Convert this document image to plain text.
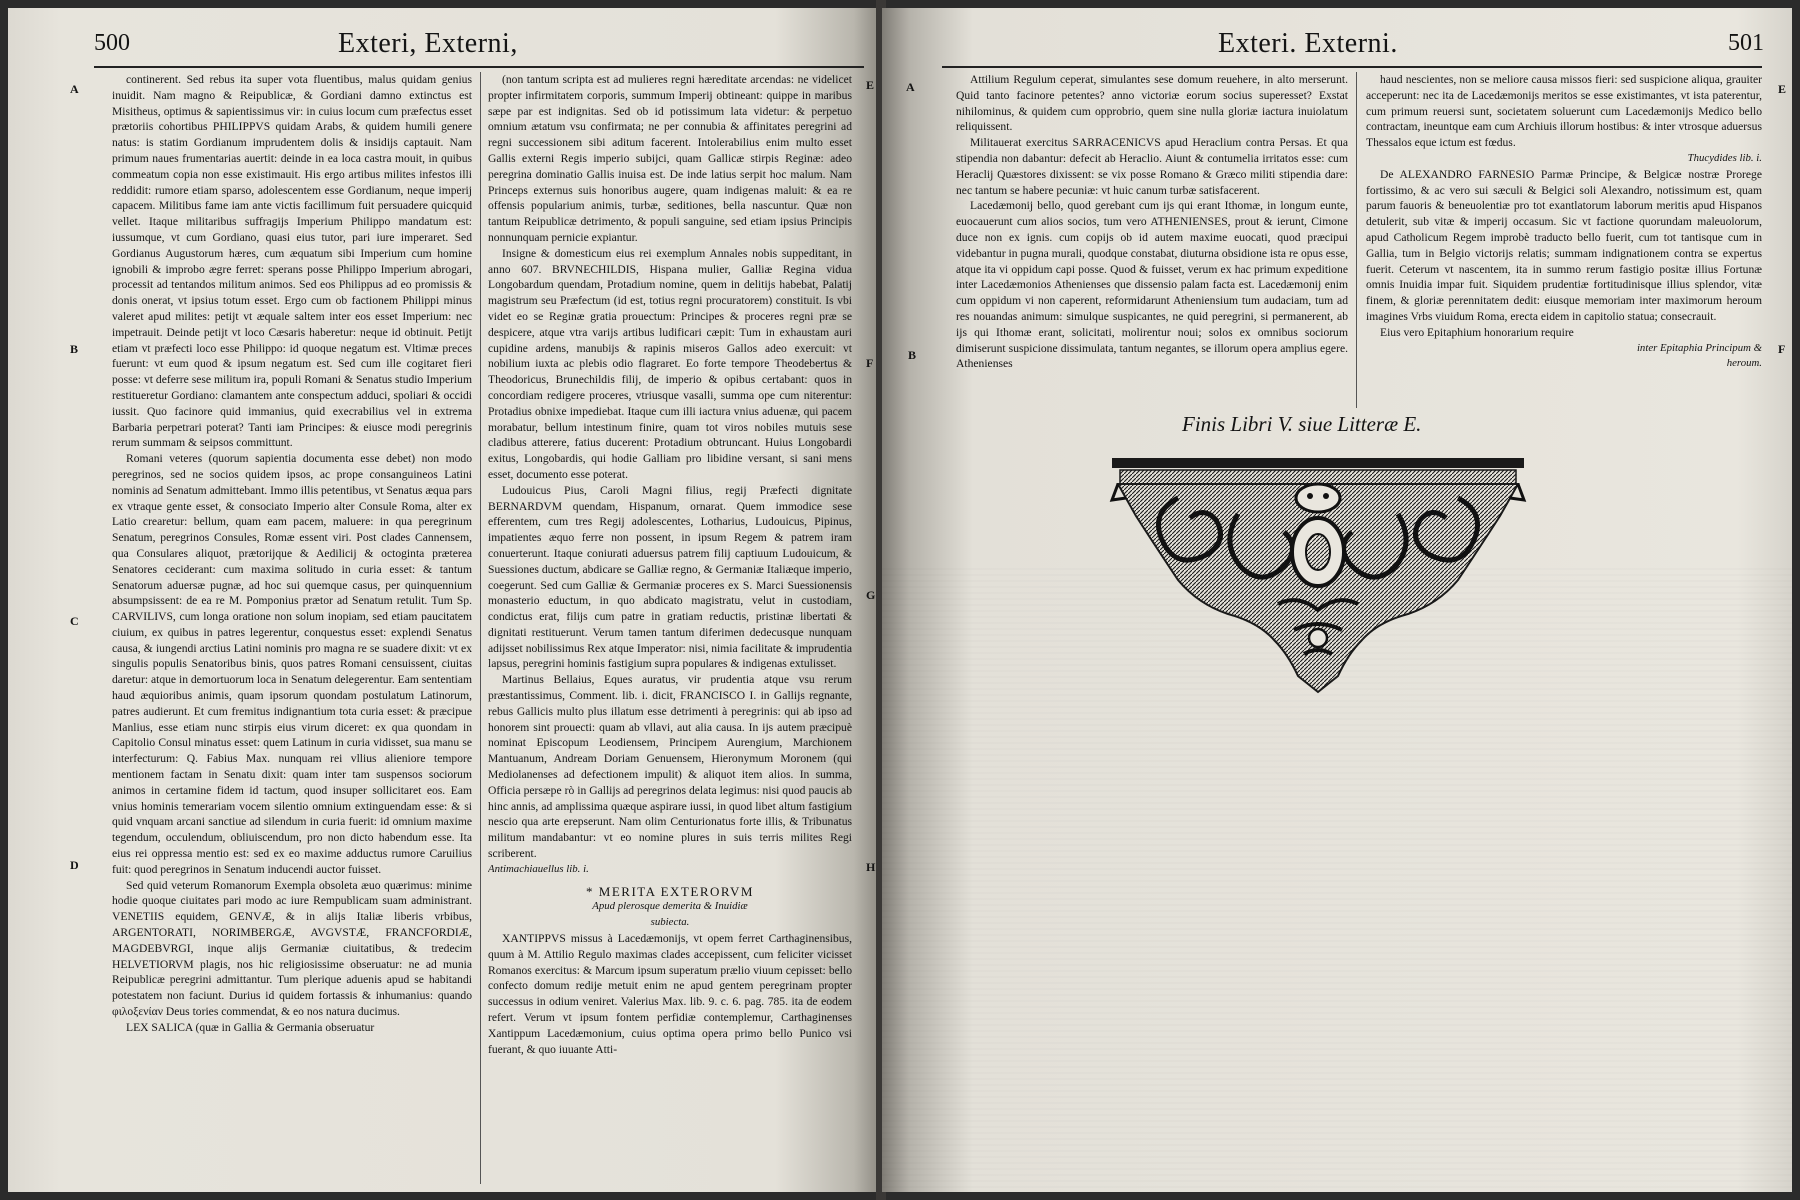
500	Exteri, Externi,
A
B
C
D
E
F
G
H

continerent. Sed rebus ita super vota fluentibus, malus quidam genius inuidit. Nam magno & Reipublicæ, & Gordiani damno extinctus est Misitheus, optimus & sapientissimus vir: in cuius locum cum præfectus esset prætoriis cohortibus PHILIPPVS quidam Arabs, & quidem humili genere natus: is statim Gordianum imprudentem dolis & insidijs captauit. Nam primum naues frumentarias auertit: deinde in ea loca castra mouit, in quibus commeatum copia non esse existimauit. His ergo artibus milites infestos illi reddidit: rumore etiam sparso, adolescentem esse Gordianum, neque imperij capacem. Militibus fame iam ante victis facillimum fuit persuadere quicquid vellet. Itaque militaribus suffragijs Imperium Philippo mandatum est: iussumque, vt cum Gordiano, quasi eius tutor, pari iure imperaret. Sed Gordianus Augustorum hæres, cum æquatum sibi Imperium cum homine ignobili & improbo ægre ferret: sperans posse Philippo Imperium abrogari, processit ad tentandos militum animos. Sed eos Philippus ad eo promissis & donis onerat, vt ipsius totum esset. Ergo cum ob factionem Philippi minus valeret apud milites: petijt vt æquale saltem inter eos esset Imperium: nec impetrauit. Deinde petijt vt loco Cæsaris haberetur: neque id obtinuit. Petijt etiam vt præfecti loco esse Philippo: id quoque negatum est. Vltimæ preces fuerunt: vt eum quod & ipsum negatum est. Sed cum ille cogitaret fieri posse: vt deferre sese militum ira, populi Romani & Senatus studio Imperium restitueretur Gordiano: clamantem ante conspectum adduci, spoliari & occidi iussit. Quo facinore quid immanius, quid execrabilius vel in extrema Barbaria perpetrari poterat? Tanti iam Principes: & eiusce modi peregrinis rerum summam & seipsos committunt.

Romani veteres (quorum sapientia documenta esse debet) non modo peregrinos, sed ne socios quidem ipsos, ac prope consanguineos Latini nominis ad Senatum admittebant. Immo illis petentibus, vt Senatus æqua pars ex vtraque gente esset, & consociato Imperio alter Consule Roma, alter ex Latio crearetur: bellum, quam eam pacem, maluere: in qua peregrinum Senatum, peregrinos Consules, Romæ essent viri. Post clades Cannensem, qua Consulares aliquot, prætorijque & Aedilicij & octoginta præterea Senatores ceciderant: cum maxima solitudo in curia esset: & tantum Senatorum aduersæ pugnæ, ad hoc sui quemque casus, per quinquennium absumpsissent: de ea re M. Pomponius prætor ad Senatum retulit. Tum Sp. CARVILIVS, cum longa oratione non solum inopiam, sed etiam paucitatem ciuium, ex quibus in patres legerentur, conquestus esset: explendi Senatus causa, & iungendi arctius Latini nominis pro magna re se suadere dixit: vt ex singulis populis Senatoribus binis, quos patres Romani censuissent, ciuitas daretur: atque in demortuorum loca in Senatum delegerentur. Eam sententiam haud æquioribus animis, quam ipsorum quondam postulatum Latinorum, patres audierunt. Et cum fremitus indignantium tota curia esset: & præcipue Manlius, esse etiam nunc stirpis eius virum diceret: ex qua quondam in Capitolio Consul minatus esset: quem Latinum in curia vidisset, sua manu se interfecturum: Q. Fabius Max. nunquam rei vllius alieniore tempore mentionem factam in Senatu dixit: quam inter tam suspensos sociorum animos in certamine fidem id tactum, quod insuper sollicitaret eos. Eam vnius hominis temerariam vocem silentio omnium extinguendam esse: & si quid vnquam arcani sanctiue ad silendum in curia fuerit: id omnium maxime tegendum, occulendum, obliuiscendum, pro non dicto habendum esse. Ita eius rei oppressa mentio est: sed ex eo maxime adductus rumore Caruilius fuit: quod peregrinos in Senatum inducendi auctor fuisset.

Sed quid veterum Romanorum Exempla obsoleta æuo quærimus: minime hodie quoque ciuitates pari modo ac iure Rempublicam suam administrant. VENETIIS equidem, GENVÆ, & in alijs Italiæ liberis vrbibus, ARGENTORATI, NORIMBERGÆ, AVGVSTÆ, FRANCFORDIÆ, MAGDEBVRGI, inque alijs Germaniæ ciuitatibus, & tredecim HELVETIORVM plagis, nos hic religiosissime obseruatur: ne ad munia Reipublicæ peregrini admittantur. Tum plerique aduenis apud se habitandi potestatem non faciunt. Durius id quidem fortassis & inhumanius: quando φιλοξενίαν Deus tories commendat, & eo nos natura ducimus.

LEX SALICA (quæ in Gallia & Germania obseruatur

(non tantum scripta est ad mulieres regni hæreditate arcendas: ne videlicet propter infirmitatem corporis, summum Imperij obtineant: quippe in maribus sæpe par est indignitas. Sed ob id potissimum lata videtur: & perpetuo omnium ætatum vsu confirmata; ne per connubia & affinitates peregrini ad regni successionem sibi aditum facerent. Intolerabilius enim multo esset Gallis externi Regis imperio subijci, quam Gallicæ stirpis Reginæ: adeo peregrina dominatio Gallis inuisa est. De inde latius serpit hoc malum. Nam Princeps externus suis honoribus augere, quam indigenas maluit: & ea re offensis popularium animis, turbæ, seditiones, bella nascuntur. Quæ non tantum Reipublicæ detrimento, & populi sanguine, sed etiam ipsius Principis nonnunquam pernicie expiantur.

Insigne & domesticum eius rei exemplum Annales nobis suppeditant, in anno 607. BRVNECHILDIS, Hispana mulier, Galliæ Regina vidua Longobardum quendam, Protadium nomine, quem in delitijs habebat, Palatij magistrum seu Præfectum (id est, totius regni procuratorem) constituit. Is vbi videt eo se Reginæ gratia prouectum: Principes & proceres regni præ se despicere, atque vtra varijs artibus ludificari cæpit: Tum in exhaustam auri cupidine ardens, manubijs & rapinis miseros Gallos adeo exercuit: vt nobilium iuxta ac plebis odio flagraret. Eo forte tempore Theodebertus & Theodoricus, Brunechildis filij, de imperio & opibus certabant: quos in concordiam redigere proceres, vtriusque vasalli, summa ope cum niterentur: Protadius obnixe impediebat. Itaque cum illi iactura vnius aduenæ, qui pacem morabatur, bellum intestinum finire, quam tot viros nobiles mutuis sese cladibus atterere, fatius ducerent: Protadium obtruncant. Huius Longobardi exitus, Longobardis, qui hodie Galliam pro libidine versant, si sani mens esset, documento esse poterat.

Ludouicus Pius, Caroli Magni filius, regij Præfecti dignitate BERNARDVM quendam, Hispanum, ornarat. Quem immodice sese efferentem, cum tres Regij adolescentes, Lotharius, Ludouicus, Pipinus, impatientes æquo ferre non possent, in ipsum Regem & patrem iram conuerterunt. Itaque coniurati aduersus patrem filij captiuum Ludouicum, & Suessiones ductum, abdicare se Galliæ regno, & Germaniæ Italiæque imperio, coegerunt. Sed cum Galliæ & Germaniæ proceres ex S. Marci Suessionensis monasterio eductum, in quo abdicato magistratu, velut in custodiam, condictus erat, filijs cum patre in gratiam reductis, pristinæ libertati & dignitati restituerunt. Verum tamen tantum diferimen dedecusque nunquam adijsset nobilissimus Rex atque Imperator: nisi, nimia facilitate & imprudentia lapsus, peregrini hominis fastigium supra populares & indigenas extulisset.

Martinus Bellaius, Eques auratus, vir prudentia atque vsu rerum præstantissimus, Comment. lib. i. dicit, FRANCISCO I. in Gallijs regnante, rebus Gallicis multo plus illatum esse detrimenti à peregrinis: qui ab ipso ad honorem sint prouecti: quam ab vllavi, aut alia causa. In ijs autem præcipuè nominat Episcopum Leodiensem, Principem Aurengium, Marchionem Mantuanum, Andream Doriam Genuensem, Hieronymum Moronem (qui Mediolanenses ad defectionem impulit) & aliquot item alios. In summa, Officia persæpe rò in Gallijs ad peregrinos delata legimus: nisi quod paucis ab hinc annis, ad amplissima quæque aspirare iussi, in quod libet altum fastigium nescio qua arte erepserunt. Nam olim Centurionatus forte illis, & Tribunatus militum mandabantur: vt eo nomine plures in suis terris milites Regi scriberent.

Antimachiauellus lib. i.

* MERITA EXTERORVM

Apud plerosque demerita & Inuidiæ

subiecta.

XANTIPPVS missus à Lacedæmonijs, vt opem ferret Carthaginensibus, quum à M. Attilio Regulo maximas clades accepissent, cum feliciter vicisset Romanos exercitus: & Marcum ipsum superatum prælio viuum cepisset: bello confecto domum redije metuit enim ne apud gentem peregrinam propter successus in odium veniret. Valerius Max. lib. 9. c. 6. pag. 785. ita de eodem refert. Verum vt ipsum fontem perfidiæ contemplemur, Carthaginenses Xantippum Lacedæmonium, cuius optima opera primo bello Punico vsi fuerant, & quo iuuante Atti-

Exteri. Externi.	501
A
B
E
F

Attilium Regulum ceperat, simulantes sese domum reuehere, in alto merserunt. Quid tanto facinore petentes? anno victoriæ eorum socius superesset? Exstat nihilominus, & quidem cum opprobrio, quem sine nulla gloriæ iactura inuiolatum reliquissent.

Militauerat exercitus SARRACENICVS apud Heraclium contra Persas. Et qua stipendia non dabantur: defecit ab Heraclio. Aiunt & contumelia irritatos esse: cum Heraclij Quæstores dixissent: se vix posse Romano & Græco militi stipendia dare: nec tantum se habere pecuniæ: vt huic canum turbæ satisfacerent.

Lacedæmonij bello, quod gerebant cum ijs qui erant Ithomæ, in longum eunte, euocauerunt cum alios socios, tum vero ATHENIENSES, prout & ierunt, Cimone duce non ex ignis. cum copijs ob id autem maxime euocati, quod præcipui videbantur in pugna murali, quodque constabat, diuturna obsidione ista re opus esse, atque ita vi oppidum capi posse. Quod & fuisset, verum ex hac primum expeditione inter Lacedæmonios Athenienses que dissensio palam facta est. Lacedæmonij enim cum oppidum vi non caperent, reformidarunt Atheniensium tum audaciam, tum ad res nouandas animum: simulque suspicantes, ne quid peregrini, si permanerent, ab ijs qui Ithomæ erant, solicitati, molirentur noui; solos ex omnibus sociorum dimiserunt suspicione dissimulata, tantum negantes, se illorum opera amplius egere. Athenienses

haud nescientes, non se meliore causa missos fieri: sed suspicione aliqua, grauiter acceperunt: nec ita de Lacedæmonijs meritos se esse existimantes, vt ista paterentur, cum primum reuersi sunt, societatem soluerunt cum Lacedæmonijs Medico bello contractam, ineuntque eam cum Archiuis illorum hostibus: & inter vtrosque aduersus Thessalos eque ictum est fœdus.

Thucydides lib. i.

De ALEXANDRO FARNESIO Parmæ Principe, & Belgicæ nostræ Prorege fortissimo, & ac vero sui sæculi & Belgici soli Alexandro, notissimum est, quam parum fauoris & beneuolentiæ pro tot exantlatorum laborum meritis apud Hispanos detulerit, sub vitæ & imperij occasum. Sic vt factione quorundam maleuolorum, apud Catholicum Regem improbè traducto bello fuerit, cum tot tantisque cum in Gallia, tum in Belgio victorijs relatis; summam indignationem contra se expertus fuerit. Ceterum vt nascentem, ita in summo rerum fastigio positæ illius Fortunæ omnis Inuidia impar fuit. Siquidem prudentiæ fortitudinisque illius splendor, vitæ finem, & gloriæ perennitatem dedit: eiusque memoriam inter maximorum heroum imagines Vrbs viuidum Roma, erecta eidem in capitolio statua; consecrauit.

Eius vero Epitaphium honorarium require

inter Epitaphia Principum &

heroum.

Finis Libri V. siue Litteræ E.
